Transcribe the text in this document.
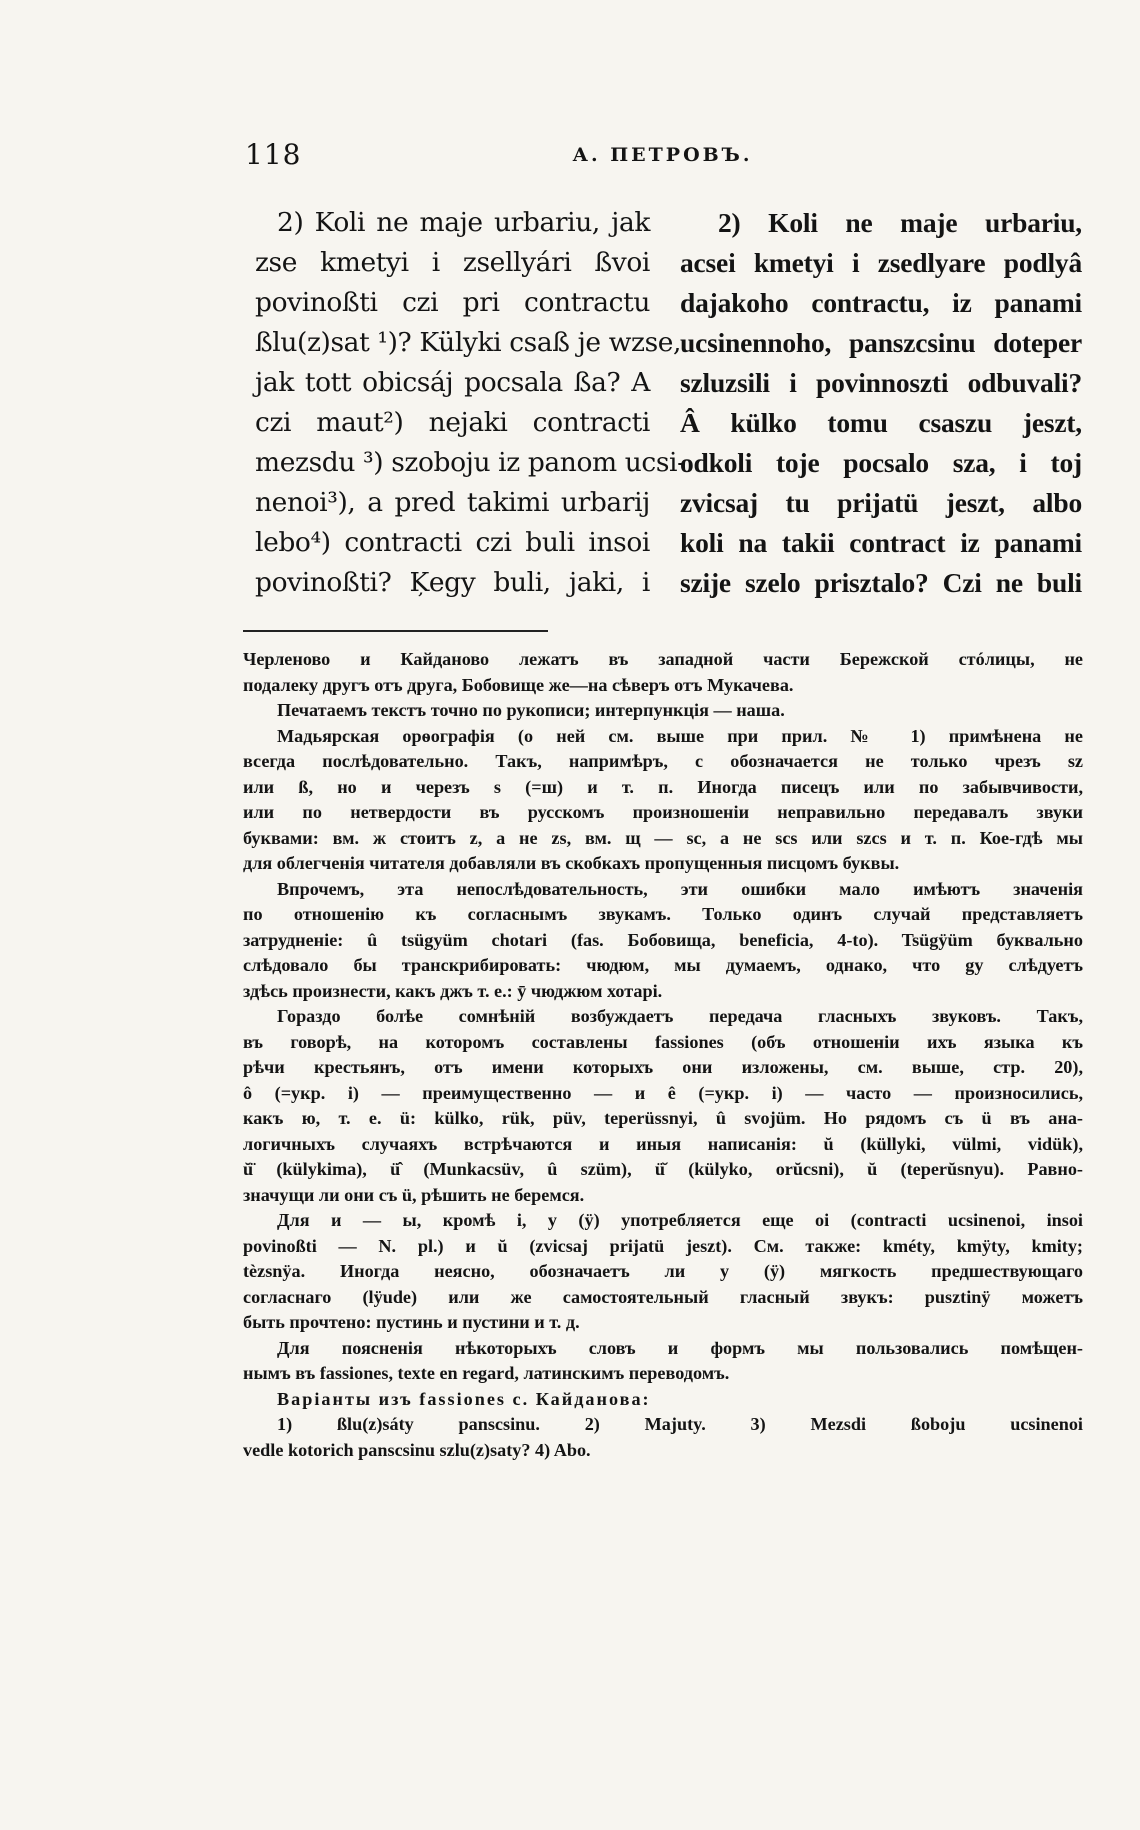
118	А. ПЕТРОВЪ.
2) Koli ne maje urbariu, jak
zse kmetyi i zsellyári ßvoi
povinoßti czi pri contractu
ßlu(z)sat ¹)? Külyki csaß je wzse,
jak tott obicsáj pocsala ßa? A
czi maut²) nejaki contracti
mezsdu ³) szoboju iz panom ucsi-
nenoi³), a pred takimi urbarij
lebo⁴) contracti czi buli insoi
povinoßti? Ķegy buli, jaki, i
2) Koli ne maje urbariu,
acsei kmetyi i zsedlyare podlyâ
dajakoho contractu, iz panami
ucsinennoho, panszcsinu doteper
szluzsili i povinnoszti odbuvali?
Â külko tomu csaszu jeszt,
odkoli toje pocsalo sza, i toj
zvicsaj tu prijatü jeszt, albo
koli na takii contract iz panami
szije szelo prisztalo? Czi ne buli
Черленово и Кайданово лежатъ въ западной части Бережской стóлицы, не
подалеку другъ отъ друга, Бобовище же—на сѣверъ отъ Мукачева.
Печатаемъ текстъ точно по рукописи; интерпункція — наша.
Мадьярская орѳографія (о ней см. выше при прил. № 1) примѣнена не
всегда послѣдовательно. Такъ, напримѣръ, c обозначается не только чрезъ sz
или ß, но и черезъ s (=ш) и т. п. Иногда писецъ или по забывчивости,
или по нетвердости въ русскомъ произношеніи неправильно передавалъ звуки
буквами: вм. ж стоитъ z, а не zs, вм. щ — sc, а не scs или szcs и т. п. Кое-гдѣ мы
для облегченія читателя добавляли въ скобкахъ пропущенныя писцомъ буквы.
Впрочемъ, эта непослѣдовательность, эти ошибки мало имѣютъ значенія
по отношенію къ согласнымъ звукамъ. Только одинъ случай представляетъ
затрудненіе: û tsügyüm chotari (fas. Бобовища, beneficia, 4-to). Tsügÿüm буквально
слѣдовало бы транскрибировать: чюдюм, мы думаемъ, однако, что gy слѣдуетъ
здѣсь произнести, какъ джъ т. е.: ӯ чюджюм хотарі.
Гораздо болѣе сомнѣній возбуждаетъ передача гласныхъ звуковъ. Такъ,
въ говорѣ, на которомъ составлены fassiones (объ отношеніи ихъ языка къ
рѣчи крестьянъ, отъ имени которыхъ они изложены, см. выше, стр. 20),
ô (=укр. і) — преимущественно — и ê (=укр. і) — часто — произносились,
какъ ю, т. е. ü: külko, rük, püv, teperüssnyi, û svojüm. Но рядомъ съ ü въ ана-
логичныхъ случаяхъ встрѣчаются и иныя написанія: ŭ (küllyki, vülmi, vidük),
ŭ̈ (külykima), ü̂ (Munkacsüv, û szüm), ü̆ (külyko, orŭcsni), ŭ (teperŭsnyu). Равно-
значущи ли они съ ü, рѣшить не беремся.
Для и — ы, кромѣ i, y (ÿ) употребляется еще oi (contracti ucsinenoi, insoi
povinoßti — N. pl.) и ŭ (zvicsaj prijatü jeszt). См. также: kméty, kmÿty, kmity;
tèzsnÿa. Иногда неясно, обозначаетъ ли y (ÿ) мягкость предшествующаго
согласнаго (lÿude) или же самостоятельный гласный звукъ: pusztinÿ можетъ
быть прочтено: пустинь и пустини и т. д.
Для поясненія нѣкоторыхъ словъ и формъ мы пользовались помѣщен-
нымъ въ fassiones, texte en regard, латинскимъ переводомъ.
Варіанты изъ fassiones с. Кайданова:
1) ßlu(z)sáty panscsinu. 2) Majuty. 3) Mezsdi ßoboju ucsinenoi
vedle kotorich panscsinu szlu(z)saty? 4) Abo.
